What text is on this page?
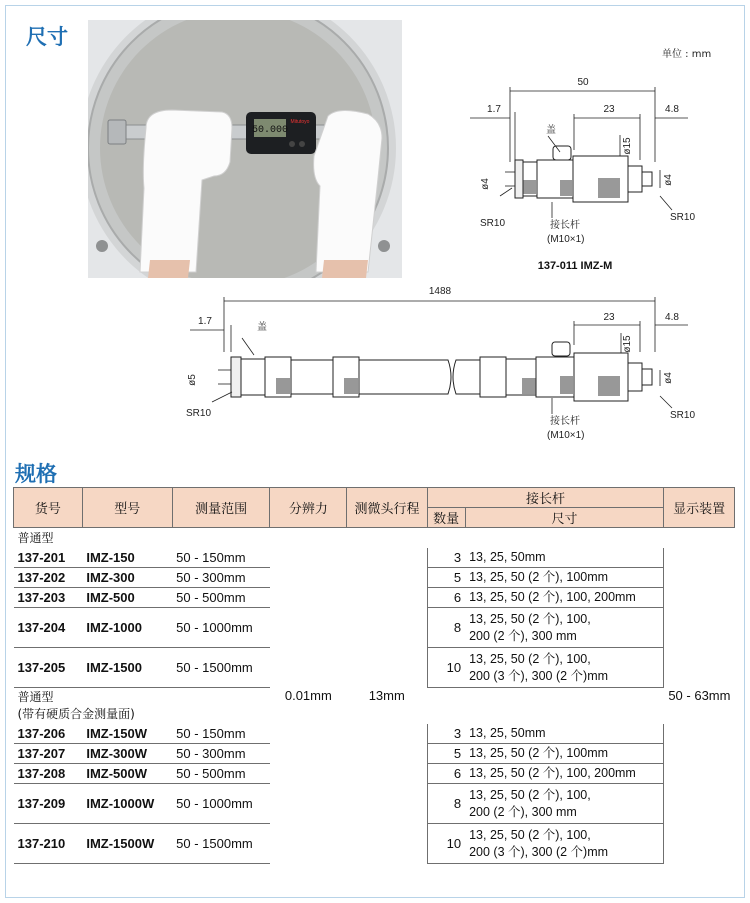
尺寸
50.000
Mitutoyo
单位 : mm
50
1.7	23	4.8
ø4
ø15
ø4
SR10
SR10
盖
接长杆
(M10×1)
137-011 IMZ-M
1488
1.7	23	4.8
ø5
ø15
ø4
SR10	SR10
盖
接长杆
(M10×1)
规格
货号	型号	测量范围	分辨力	测微头行程	接长杆		显示装置
					数量	尺寸	
普通型			0.01mm	13mm			50 - 63mm
137-201	IMZ-150	50 - 150mm			3	13, 25, 50mm	
137-202	IMZ-300	50 - 300mm			5	13, 25, 50 (2 个), 100mm	
137-203	IMZ-500	50 - 500mm			6	13, 25, 50 (2 个), 100, 200mm	
137-204	IMZ-1000	50 - 1000mm			8	13, 25, 50 (2 个), 100,
200 (2 个), 300 mm	
137-205	IMZ-1500	50 - 1500mm			10	13, 25, 50 (2 个), 100,
200 (3 个), 300 (2 个)mm	
普通型
(带有硬质合金测量面)							
137-206	IMZ-150W	50 - 150mm			3	13, 25, 50mm	
137-207	IMZ-300W	50 - 300mm			5	13, 25, 50 (2 个), 100mm	
137-208	IMZ-500W	50 - 500mm			6	13, 25, 50 (2 个), 100, 200mm	
137-209	IMZ-1000W	50 - 1000mm			8	13, 25, 50 (2 个), 100,
200 (2 个), 300 mm	
137-210	IMZ-1500W	50 - 1500mm			10	13, 25, 50 (2 个), 100,
200 (3 个), 300 (2 个)mm	
